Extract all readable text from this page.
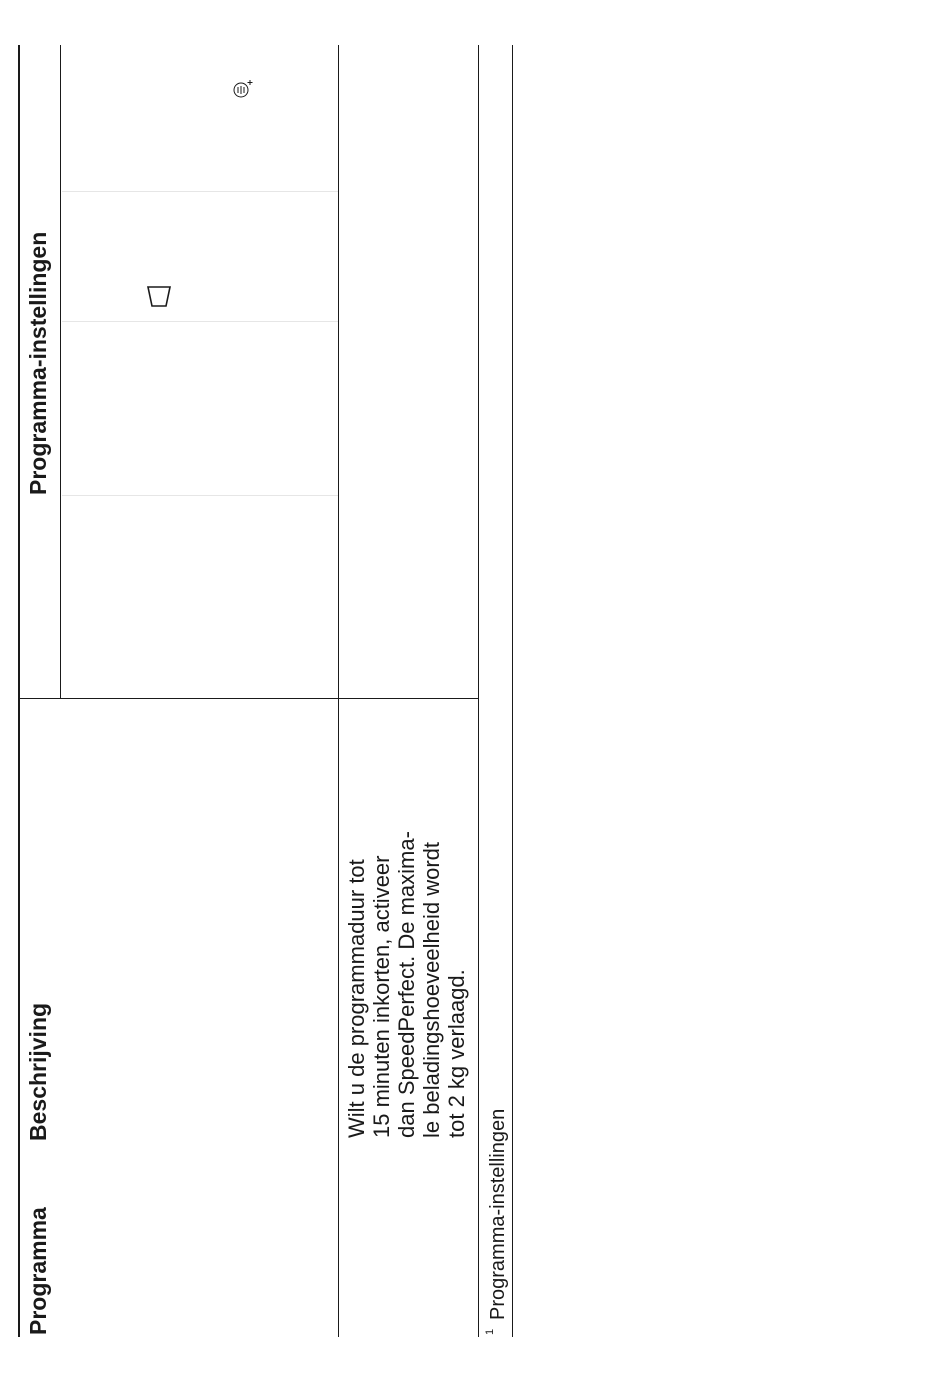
Programma
Beschrijving
Programma-instellingen
Wilt u de programmaduur tot
15 minuten inkorten, activeer
dan SpeedPerfect. De maxima-
le beladingshoeveelheid wordt
tot 2 kg verlaagd.
1
Programma-instellingen
